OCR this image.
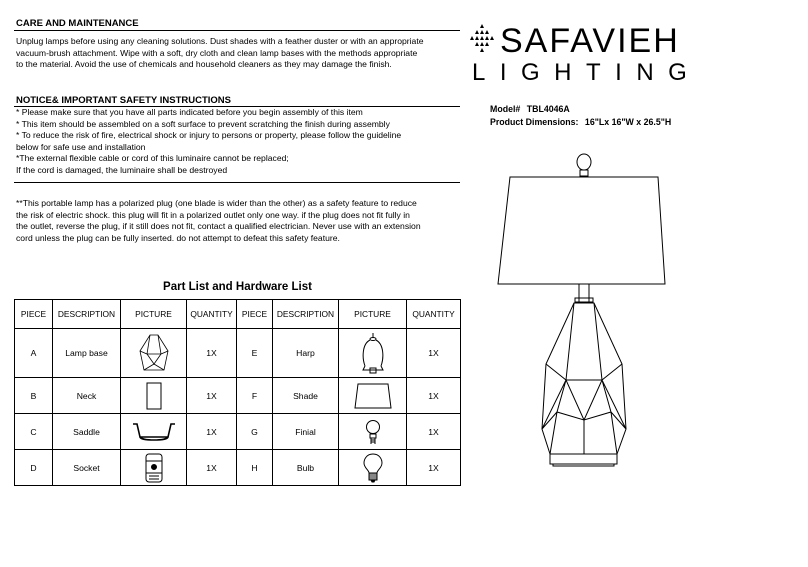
CARE AND MAINTENANCE
Unplug lamps before using any cleaning solutions. Dust shades with a feather duster or with an appropriate
vacuum-brush attachment. Wipe with a soft, dry cloth and clean lamp bases with the methods appropriate
to the material. Avoid the use of chemicals and household cleaners as they may damage the finish.
NOTICE& IMPORTANT SAFETY INSTRUCTIONS
* Please make sure that you have all parts indicated before you begin assembly of this item
* This item should be assembled on a soft surface to prevent scratching the finish during assembly
* To reduce the risk of fire, electrical shock or injury to persons or property, please follow the guideline
below for safe use and installation
*The external flexible cable or cord of this luminaire cannot be replaced;
If the cord is damaged, the luminaire shall be destroyed
**This portable lamp has a polarized plug (one blade is wider than the other) as a safety feature to reduce
the risk of electric shock. this plug will fit in a polarized outlet only one way. if the plug does not fit fully in
the outlet, reverse the plug, if it still does not fit, contact a qualified electrician. Never use with an extension
cord unless the plug can be fully inserted. do not attempt to defeat this safety feature.
SAFAVIEH
LIGHTING
Model# TBL4046A
Product Dimensions: 16"Lx 16"W x 26.5"H
Part List and Hardware List
PIECE	DESCRIPTION	PICTURE	QUANTITY	PIECE	DESCRIPTION	PICTURE	QUANTITY
A	Lamp base		1X	E	Harp		1X
B	Neck		1X	F	Shade		1X
C	Saddle		1X	G	Finial		1X
D	Socket		1X	H	Bulb		1X
